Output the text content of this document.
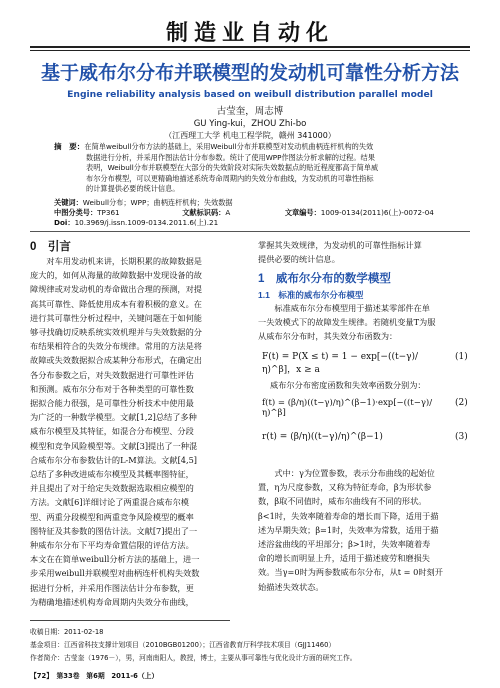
制造业自动化
基于威布尔分布并联模型的发动机可靠性分析方法
Engine reliability analysis based on weibull distribution parallel model
古莹奎，周志博
GU Ying-kui，ZHOU Zhi-bo
（江西理工大学 机电工程学院，赣州 341000）
摘　要：在简单weibull分布方法的基础上，采用Weibull分布并联模型对发动机曲柄连杆机构的失效
数据进行分析，并采用作图法估计分布参数。统计了使用WPP作图法分析求解的过程。结果
表明，Weibull分布并联模型在大部分的失效阶段对实际失效数据点的贴近程度都高于简单威
布尔分布模型，可以更精确地描述系统寿命周期内的失效分布曲线，为发动机的可靠性指标
的计算提供必要的统计信息。
关键词：Weibull分布；WPP；曲柄连杆机构；失效数据
中图分类号：TP361	文献标识码：A	文章编号：1009-0134(2011)6(上)-0072-04
Doi：10.3969/j.issn.1009-0134.2011.6(上).21
0　引言
　　对车用发动机来讲，长期积累的故障数据是
庞大的，如何从海量的故障数据中发现设备的故
障规律或对发动机的寿命做出合理的预测，对提
高其可靠性、降低使用成本有着积极的意义。在
进行其可靠性分析过程中，关键问题在于如何能
够寻找确切反映系统实效机理并与失效数据的分
布结果相符合的失效分布规律。常用的方法是将
故障或失效数据拟合成某种分布形式，在确定出
各分布参数之后，对失效数据进行可靠性评估
和预测。威布尔分布对于各种类型的可靠性数
据拟合能力很强，是可靠性分析技术中使用最
为广泛的一种数学模型。文献[1,2]总结了多种
威布尔模型及其特征，如混合分布模型、分段
模型和竞争风险模型等。文献[3]提出了一种混
合威布尔分布参数估计的L-M算法。文献[4,5]
总结了多种改进威布尔模型及其概率图特征，
并且提出了对于给定失效数据选取相应模型的
方法。文献[6]详细讨论了两重混合威布尔模
型、两重分段模型和两重竞争风险模型的概率
图特征及其参数的图估计法。文献[7]提出了一
种威布尔分布下平均寿命置信限的评估方法。
本文在在简单weibull分析方法的基础上，进一
步采用weibull并联模型对曲柄连杆机构失效数
据进行分析，并采用作图法估计分布参数，更
为精确地描述机构寿命周期内失效分布曲线，
掌握其失效规律，为发动机的可靠性指标计算
提供必要的统计信息。
1　威布尔分布的数学模型
1.1　标准的威布尔分布模型
　　标准威布尔分布模型用于描述某零部件在单
一失效模式下的故障发生规律。若随机变量T为服
从威布尔分布时，其失效分布函数为：
F(t) = P(X ≤ t) = 1 − exp[−((t−γ)/η)^β]，x ≥ a
(1)
威布尔分布密度函数和失效率函数分别为：
f(t) = (β/η)((t−γ)/η)^(β−1)·exp[−((t−γ)/η)^β]
(2)
r(t) = (β/η)((t−γ)/η)^(β−1)	(3)
　　式中：γ为位置参数，表示分布曲线的起始位
置，η为尺度参数，又称为特征寿命，β为形状参
数，β取不同值时，威布尔曲线有不同的形状。
β<1时，失效率随着寿命的增长而下降，适用于描
述为早期失效；β=1时，失效率为常数，适用于描
述浴盆曲线的平坦部分；β>1时，失效率随着寿
命的增长而明显上升，适用于描述疲劳和磨损失
效。当γ=0时为两参数威布尔分布，从t = 0时刻开
始描述失效状态。
收稿日期：2011-02-18
基金项目：江西省科技支撑计划项目（2010BGB01200）；江西省教育厅科学技术项目（GJJ11460）
作者简介：古莹奎（1976－），男，河南南阳人，教授，博士，主要从事可靠性与优化设计方面的研究工作。
【72】　第33卷　第6期　2011-6（上）
